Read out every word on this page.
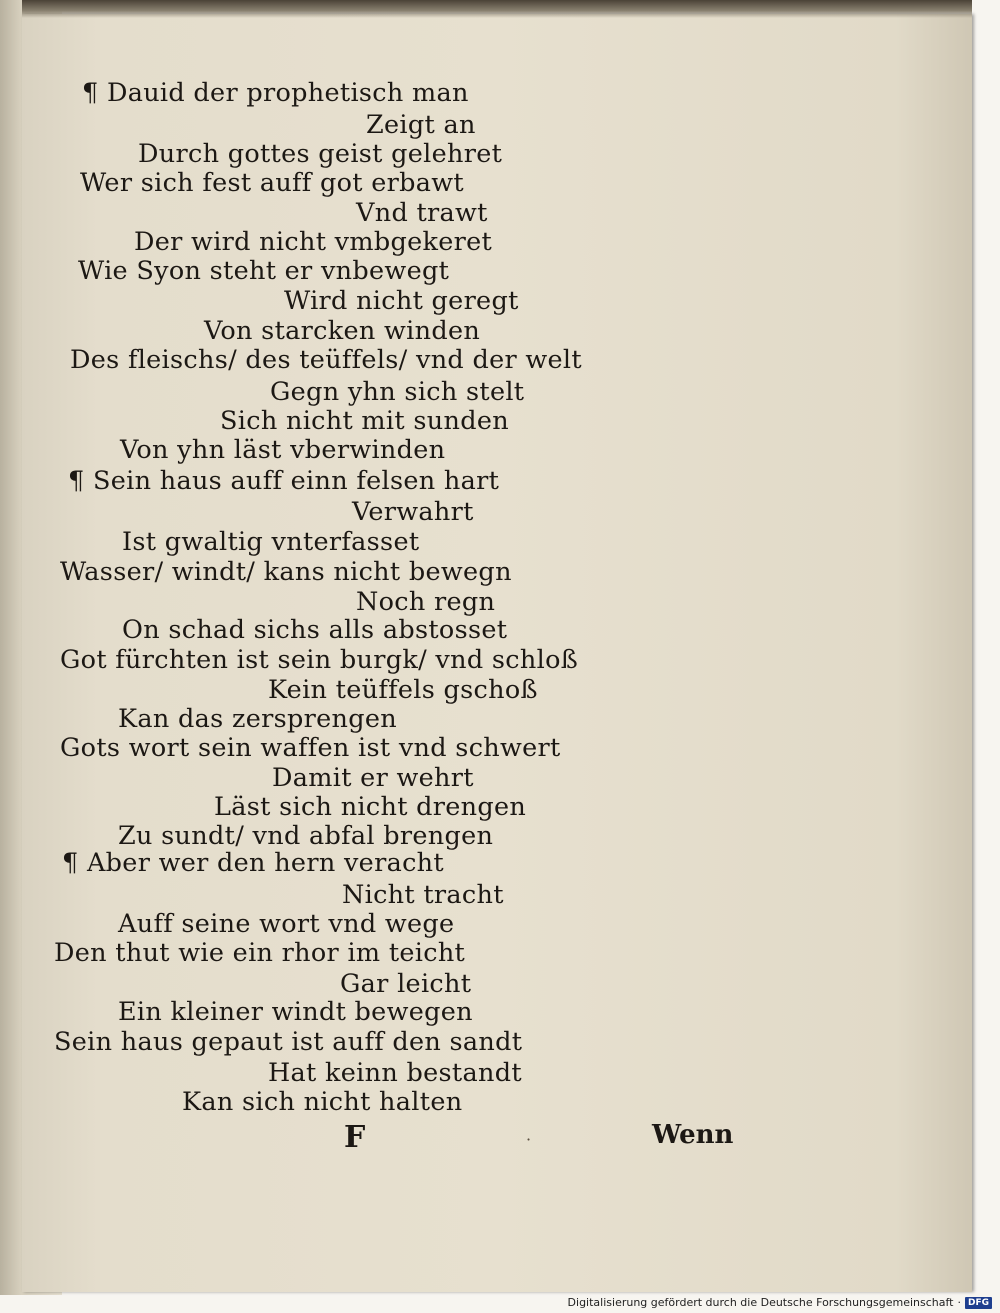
¶ Dauid der prophetisch man
Zeigt an
Durch gottes geist gelehret
Wer sich fest auff got erbawt
Vnd trawt
Der wird nicht vmbgekeret
Wie Syon steht er vnbewegt
Wird nicht geregt
Von starcken winden
Des fleischs/ des teüffels/ vnd der welt
Gegn yhn sich stelt
Sich nicht mit sunden
Von yhn läst vberwinden
¶ Sein haus auff einn felsen hart
Verwahrt
Ist gwaltig vnterfasset
Wasser/ windt/ kans nicht bewegn
Noch regn
On schad sichs alls abstosset
Got fürchten ist sein burgk/ vnd schloß
Kein teüffels gschoß
Kan das zersprengen
Gots wort sein waffen ist vnd schwert
Damit er wehrt
Läst sich nicht drengen
Zu sundt/ vnd abfal brengen
¶ Aber wer den hern veracht
Nicht tracht
Auff seine wort vnd wege
Den thut wie ein rhor im teicht
Gar leicht
Ein kleiner windt bewegen
Sein haus gepaut ist auff den sandt
Hat keinn bestandt
Kan sich nicht halten
F	·	Wenn
Digitalisierung gefördert durch die Deutsche Forschungsgemeinschaft · DFG
